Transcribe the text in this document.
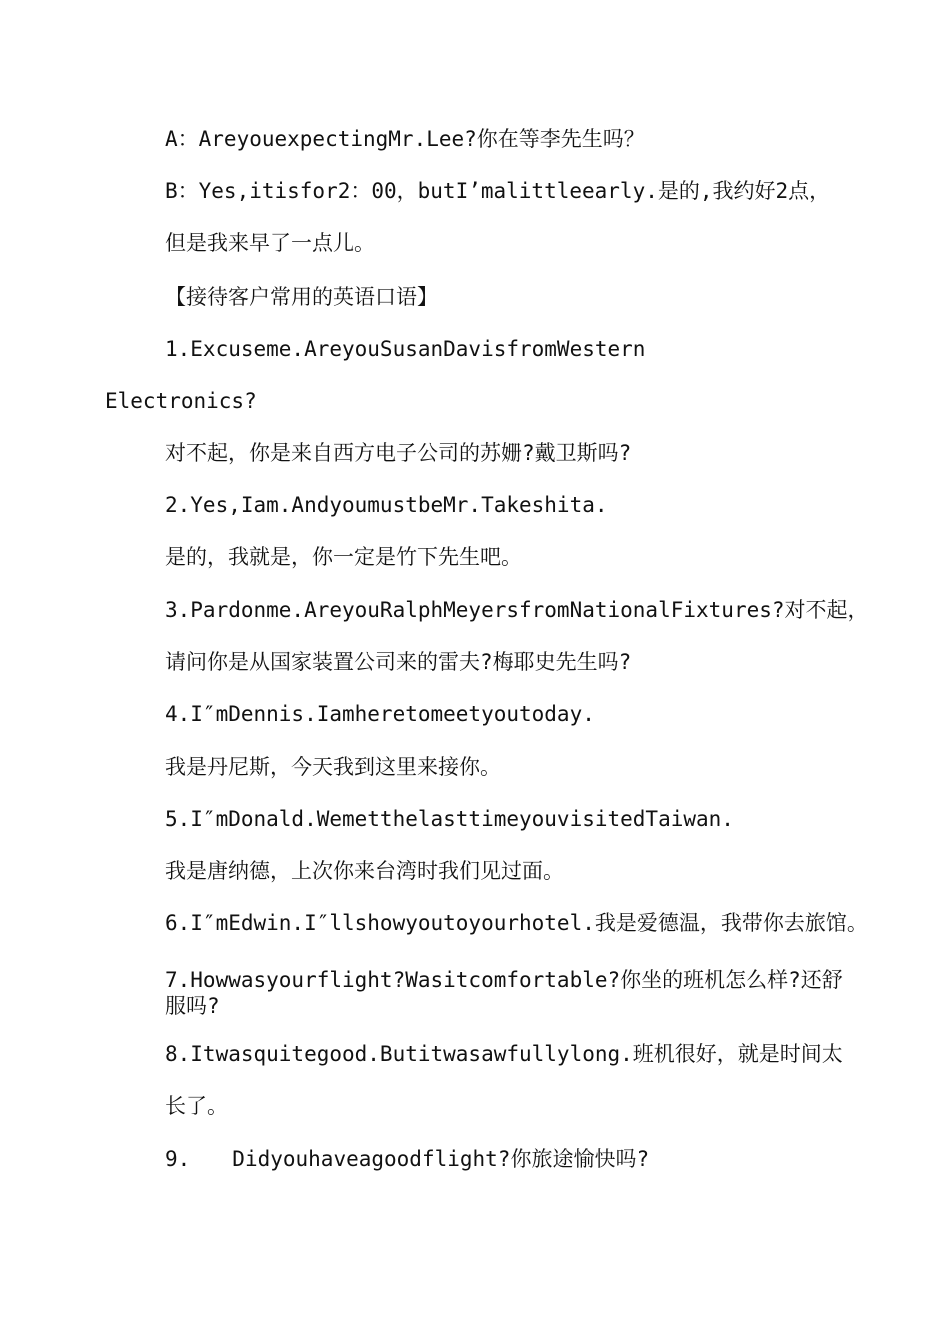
A：AreyouexpectingMr.Lee?你在等李先生吗？
B：Yes,itisfor2：00，butI’malittleearly.是的,我约好2点，
但是我来早了一点儿。
【接待客户常用的英语口语】
1.Excuseme.AreyouSusanDavisfromWestern
Electronics?
对不起，你是来自西方电子公司的苏姗?戴卫斯吗?
2.Yes,Iam.AndyoumustbeMr.Takeshita.
是的，我就是，你一定是竹下先生吧。
3.Pardonme.AreyouRalphMeyersfromNationalFixtures?对不起，
请问你是从国家装置公司来的雷夫?梅耶史先生吗?
4.I″mDennis.Iamheretomeetyoutoday.
我是丹尼斯，今天我到这里来接你。
5.I″mDonald.WemetthelasttimeyouvisitedTaiwan.
我是唐纳德，上次你来台湾时我们见过面。
6.I″mEdwin.I″llshowyoutoyourhotel.我是爱德温，我带你去旅馆。
7.Howwasyourflight?Wasitcomfortable?你坐的班机怎么样?还舒服吗?
8.Itwasquitegood.Butitwasawfullylong.班机很好，就是时间太
长了。
9. Didyouhaveagoodflight?你旅途愉快吗?
